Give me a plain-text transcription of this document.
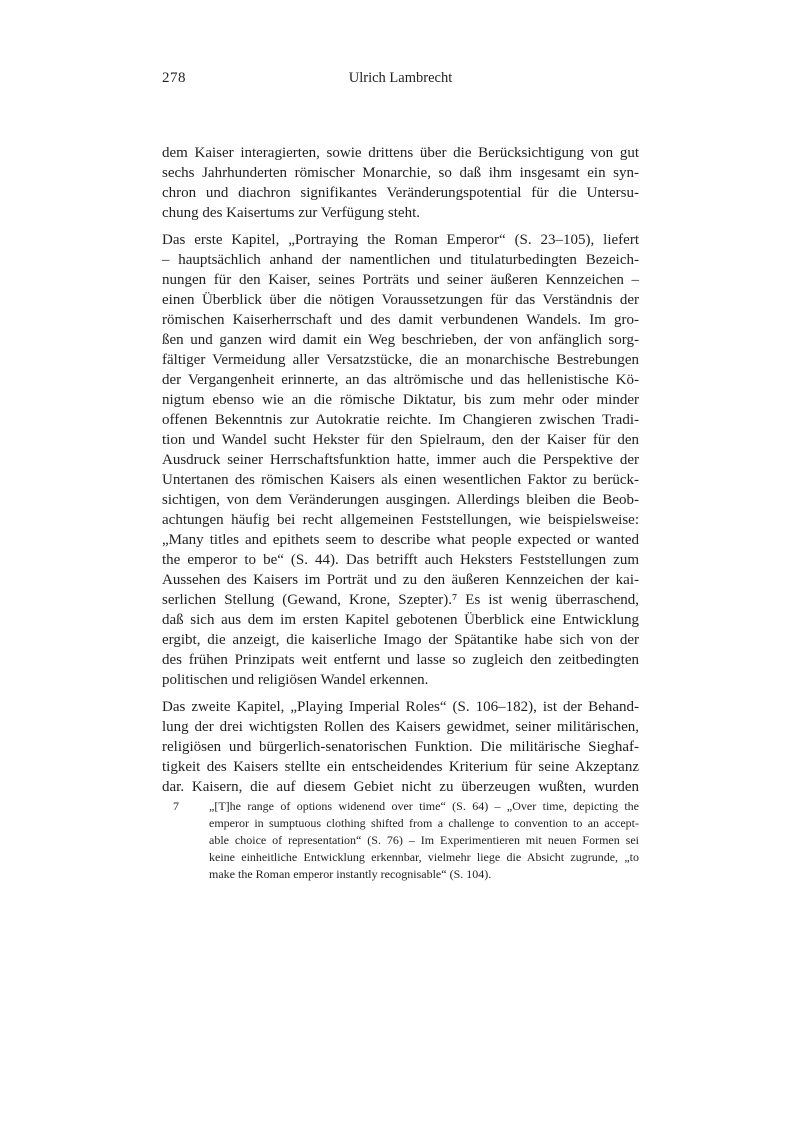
278	Ulrich Lambrecht
dem Kaiser interagierten, sowie drittens über die Berücksichtigung von gut
sechs Jahrhunderten römischer Monarchie, so daß ihm insgesamt ein syn-
chron und diachron signifikantes Veränderungspotential für die Untersu-
chung des Kaisertums zur Verfügung steht.
Das erste Kapitel, „Portraying the Roman Emperor“ (S. 23–105), liefert
– hauptsächlich anhand der namentlichen und titulaturbedingten Bezeich-
nungen für den Kaiser, seines Porträts und seiner äußeren Kennzeichen –
einen Überblick über die nötigen Voraussetzungen für das Verständnis der
römischen Kaiserherrschaft und des damit verbundenen Wandels. Im gro-
ßen und ganzen wird damit ein Weg beschrieben, der von anfänglich sorg-
fältiger Vermeidung aller Versatzstücke, die an monarchische Bestrebungen
der Vergangenheit erinnerte, an das altrömische und das hellenistische Kö-
nigtum ebenso wie an die römische Diktatur, bis zum mehr oder minder
offenen Bekenntnis zur Autokratie reichte. Im Changieren zwischen Tradi-
tion und Wandel sucht Hekster für den Spielraum, den der Kaiser für den
Ausdruck seiner Herrschaftsfunktion hatte, immer auch die Perspektive der
Untertanen des römischen Kaisers als einen wesentlichen Faktor zu berück-
sichtigen, von dem Veränderungen ausgingen. Allerdings bleiben die Beob-
achtungen häufig bei recht allgemeinen Feststellungen, wie beispielsweise:
„Many titles and epithets seem to describe what people expected or wanted
the emperor to be“ (S. 44). Das betrifft auch Heksters Feststellungen zum
Aussehen des Kaisers im Porträt und zu den äußeren Kennzeichen der kai-
serlichen Stellung (Gewand, Krone, Szepter).⁷ Es ist wenig überraschend,
daß sich aus dem im ersten Kapitel gebotenen Überblick eine Entwicklung
ergibt, die anzeigt, die kaiserliche Imago der Spätantike habe sich von der
des frühen Prinzipats weit entfernt und lasse so zugleich den zeitbedingten
politischen und religiösen Wandel erkennen.
Das zweite Kapitel, „Playing Imperial Roles“ (S. 106–182), ist der Behand-
lung der drei wichtigsten Rollen des Kaisers gewidmet, seiner militärischen,
religiösen und bürgerlich-senatorischen Funktion. Die militärische Sieghaf-
tigkeit des Kaisers stellte ein entscheidendes Kriterium für seine Akzeptanz
dar. Kaisern, die auf diesem Gebiet nicht zu überzeugen wußten, wurden
7	„[T]he range of options widenend over time“ (S. 64) – „Over time, depicting the
emperor in sumptuous clothing shifted from a challenge to convention to an accept-
able choice of representation“ (S. 76) – Im Experimentieren mit neuen Formen sei
keine einheitliche Entwicklung erkennbar, vielmehr liege die Absicht zugrunde, „to
make the Roman emperor instantly recognisable“ (S. 104).
